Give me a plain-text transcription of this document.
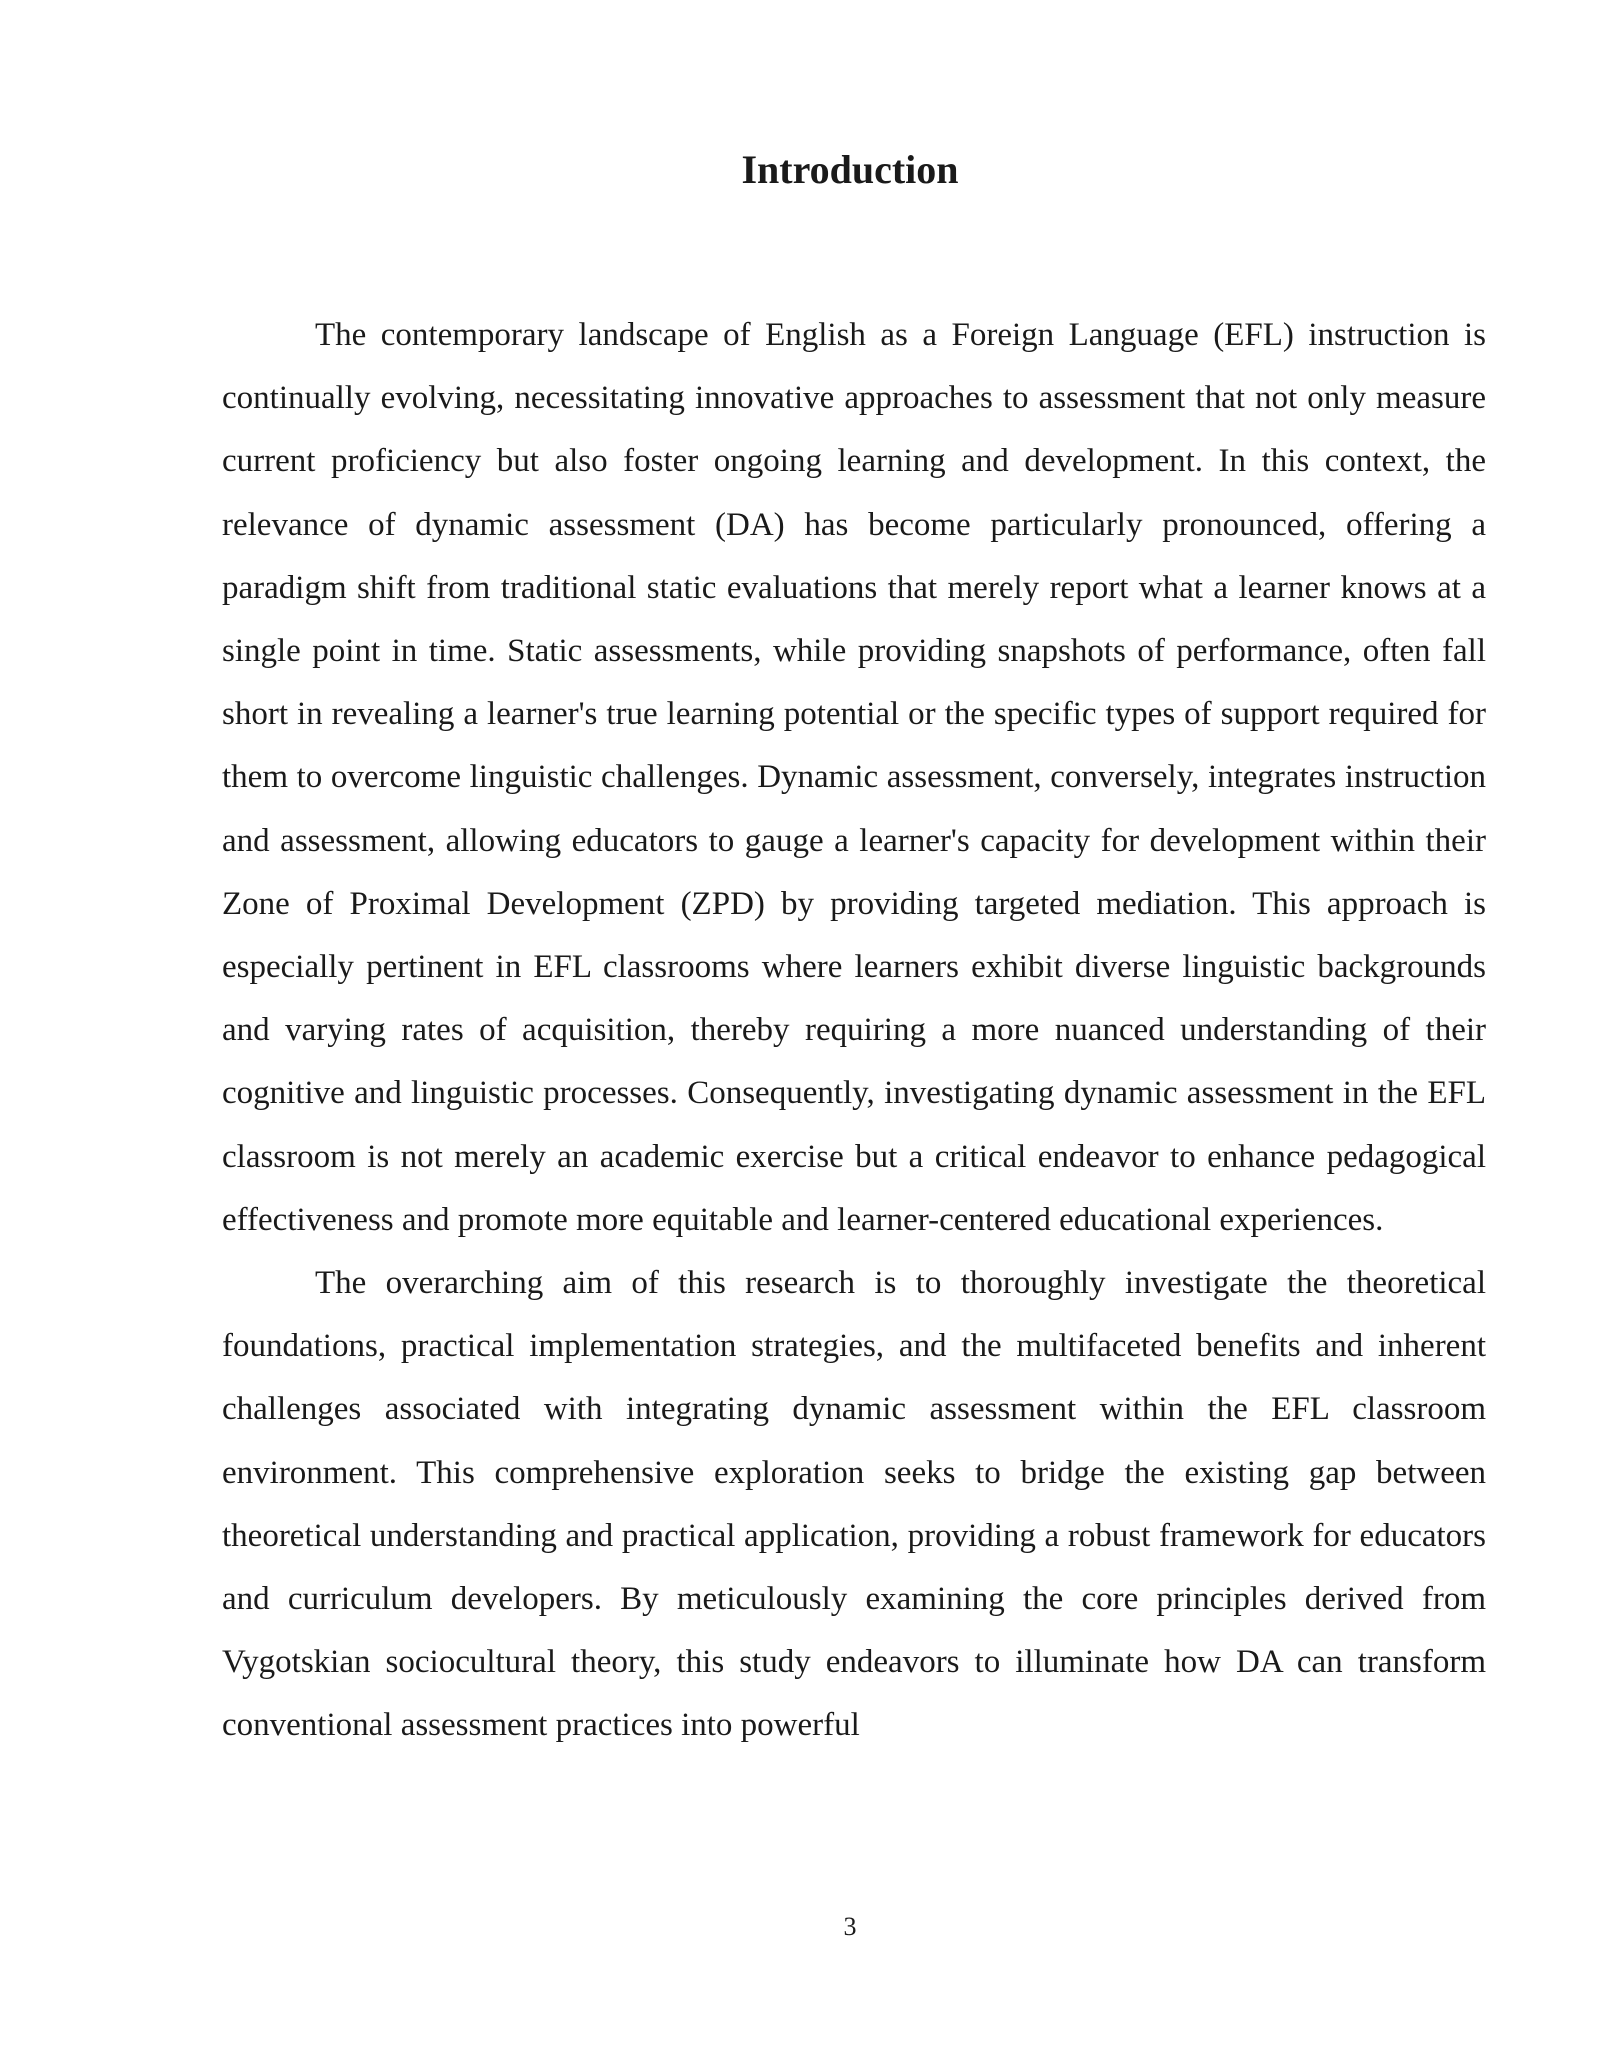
Introduction

The contemporary landscape of English as a Foreign Language (EFL) instruction is continually evolving, necessitating innovative approaches to assessment that not only measure current proficiency but also foster ongoing learning and development. In this context, the relevance of dynamic assessment (DA) has become particularly pronounced, offering a paradigm shift from traditional static evaluations that merely report what a learner knows at a single point in time. Static assessments, while providing snapshots of performance, often fall short in revealing a learner's true learning potential or the specific types of support required for them to overcome linguistic challenges. Dynamic assessment, conversely, integrates instruction and assessment, allowing educators to gauge a learner's capacity for development within their Zone of Proximal Development (ZPD) by providing targeted mediation. This approach is especially pertinent in EFL classrooms where learners exhibit diverse linguistic backgrounds and varying rates of acquisition, thereby requiring a more nuanced understanding of their cognitive and linguistic processes. Consequently, investigating dynamic assessment in the EFL classroom is not merely an academic exercise but a critical endeavor to enhance pedagogical effectiveness and promote more equitable and learner-centered educational experiences.

The overarching aim of this research is to thoroughly investigate the theoretical foundations, practical implementation strategies, and the multifaceted benefits and inherent challenges associated with integrating dynamic assessment within the EFL classroom environment. This comprehensive exploration seeks to bridge the existing gap between theoretical understanding and practical application, providing a robust framework for educators and curriculum developers. By meticulously examining the core principles derived from Vygotskian sociocultural theory, this study endeavors to illuminate how DA can transform conventional assessment practices into powerful

3
